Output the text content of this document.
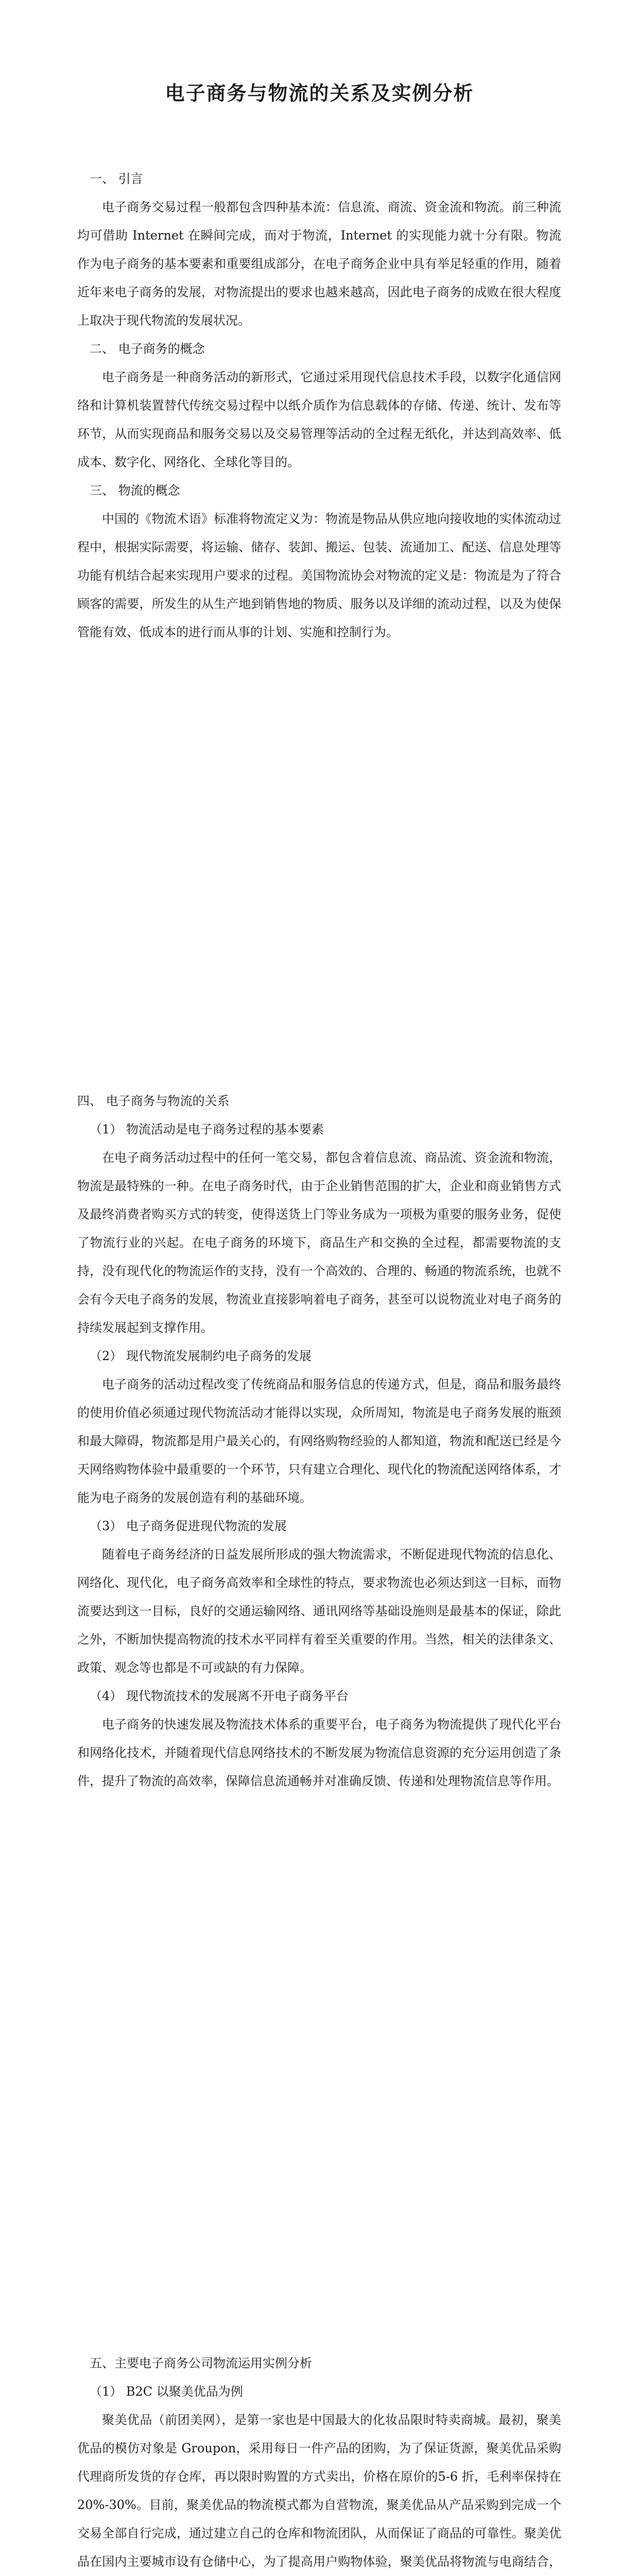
电子商务与物流的关系及实例分析

一、 引言

电子商务交易过程一般都包含四种基本流：信息流、商流、资金流和物流。前三种流均可借助 Internet 在瞬间完成，而对于物流，Internet 的实现能力就十分有限。物流作为电子商务的基本要素和重要组成部分，在电子商务企业中具有举足轻重的作用，随着近年来电子商务的发展，对物流提出的要求也越来越高，因此电子商务的成败在很大程度上取决于现代物流的发展状况。

二、 电子商务的概念

电子商务是一种商务活动的新形式，它通过采用现代信息技术手段，以数字化通信网络和计算机装置替代传统交易过程中以纸介质作为信息载体的存储、传递、统计、发布等环节，从而实现商品和服务交易以及交易管理等活动的全过程无纸化，并达到高效率、低成本、数字化、网络化、全球化等目的。

三、 物流的概念

中国的《物流术语》标准将物流定义为：物流是物品从供应地向接收地的实体流动过程中，根据实际需要，将运输、储存、装卸、搬运、包装、流通加工、配送、信息处理等功能有机结合起来实现用户要求的过程。美国物流协会对物流的定义是：物流是为了符合顾客的需要，所发生的从生产地到销售地的物质、服务以及详细的流动过程，以及为使保管能有效、低成本的进行而从事的计划、实施和控制行为。

四、 电子商务与物流的关系

（1） 物流活动是电子商务过程的基本要素

在电子商务活动过程中的任何一笔交易，都包含着信息流、商品流、资金流和物流，物流是最特殊的一种。在电子商务时代，由于企业销售范围的扩大，企业和商业销售方式及最终消费者购买方式的转变，使得送货上门等业务成为一项极为重要的服务业务，促使了物流行业的兴起。在电子商务的环境下，商品生产和交换的全过程，都需要物流的支持，没有现代化的物流运作的支持，没有一个高效的、合理的、畅通的物流系统，也就不会有今天电子商务的发展，物流业直接影响着电子商务，甚至可以说物流业对电子商务的持续发展起到支撑作用。

（2） 现代物流发展制约电子商务的发展

电子商务的活动过程改变了传统商品和服务信息的传递方式，但是，商品和服务最终的使用价值必须通过现代物流活动才能得以实现，众所周知，物流是电子商务发展的瓶颈和最大障碍，物流都是用户最关心的，有网络购物经验的人都知道，物流和配送已经是今天网络购物体验中最重要的一个环节，只有建立合理化、现代化的物流配送网络体系，才能为电子商务的发展创造有利的基础环境。

（3） 电子商务促进现代物流的发展

随着电子商务经济的日益发展所形成的强大物流需求，不断促进现代物流的信息化、网络化、现代化，电子商务高效率和全球性的特点，要求物流也必须达到这一目标，而物流要达到这一目标，良好的交通运输网络、通讯网络等基础设施则是最基本的保证，除此之外，不断加快提高物流的技术水平同样有着至关重要的作用。当然，相关的法律条文、政策、观念等也都是不可或缺的有力保障。

（4） 现代物流技术的发展离不开电子商务平台

电子商务的快速发展及物流技术体系的重要平台，电子商务为物流提供了现代化平台和网络化技术，并随着现代信息网络技术的不断发展为物流信息资源的充分运用创造了条件，提升了物流的高效率，保障信息流通畅并对准确反馈、传递和处理物流信息等作用。

五、主要电子商务公司物流运用实例分析

（1） B2C 以聚美优品为例

聚美优品（前团美网），是第一家也是中国最大的化妆品限时特卖商城。最初，聚美优品的模仿对象是 Groupon，采用每日一件产品的团购，为了保证货源，聚美优品采购代理商所发货的存仓库，再以限时购置的方式卖出，价格在原价的5-6 折，毛利率保持在 20%-30%。目前，聚美优品的物流模式都为自营物流，聚美优品从产品采购到完成一个交易全部自行完成，通过建立自己的仓库和物流团队，从而保证了商品的可靠性。聚美优品在国内主要城市设有仓储中心，为了提高用户购物体验，聚美优品将物流与电商结合，
